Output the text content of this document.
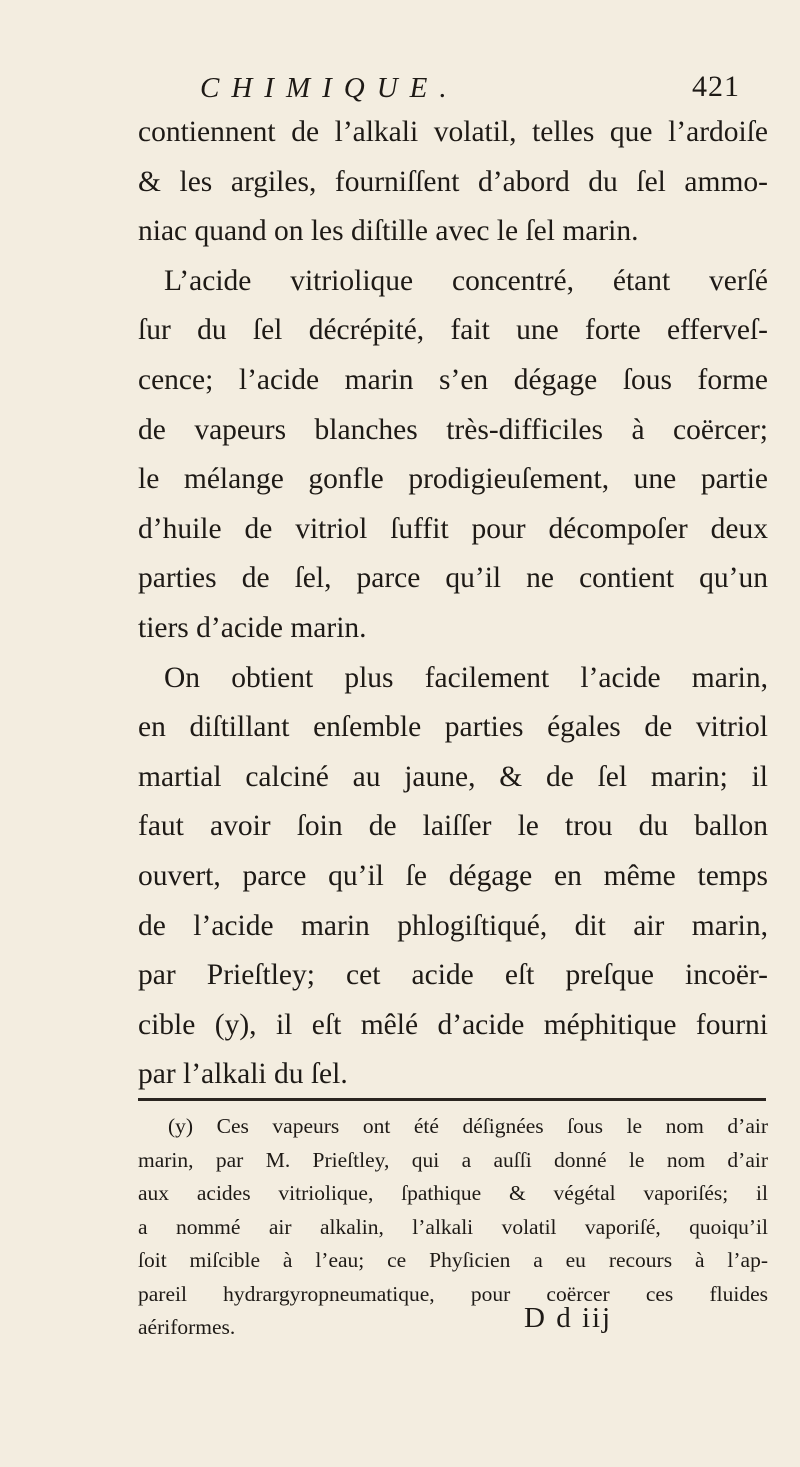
CHIMIQUE.	421
contiennent de l’alkali volatil, telles que l’ardoiſe
& les argiles, fourniſſent d’abord du ſel ammo-
niac quand on les diſtille avec le ſel marin.
L’acide vitriolique concentré, étant verſé
ſur du ſel décrépité, fait une forte efferveſ-
cence; l’acide marin s’en dégage ſous forme
de vapeurs blanches très-difficiles à coërcer;
le mélange gonfle prodigieuſement, une partie
d’huile de vitriol ſuffit pour décompoſer deux
parties de ſel, parce qu’il ne contient qu’un
tiers d’acide marin.
On obtient plus facilement l’acide marin,
en diſtillant enſemble parties égales de vitriol
martial calciné au jaune, & de ſel marin; il
faut avoir ſoin de laiſſer le trou du ballon
ouvert, parce qu’il ſe dégage en même temps
de l’acide marin phlogiſtiqué, dit air marin,
par Prieſtley; cet acide eſt preſque incoër-
cible (y), il eſt mêlé d’acide méphitique fourni
par l’alkali du ſel.
(y) Ces vapeurs ont été déſignées ſous le nom d’air
marin, par M. Prieſtley, qui a auſſi donné le nom d’air
aux acides vitriolique, ſpathique & végétal vaporiſés; il
a nommé air alkalin, l’alkali volatil vaporiſé, quoiqu’il
ſoit miſcible à l’eau; ce Phyſicien a eu recours à l’ap-
pareil hydrargyropneumatique, pour coërcer ces fluides
aériformes.	D d iij
